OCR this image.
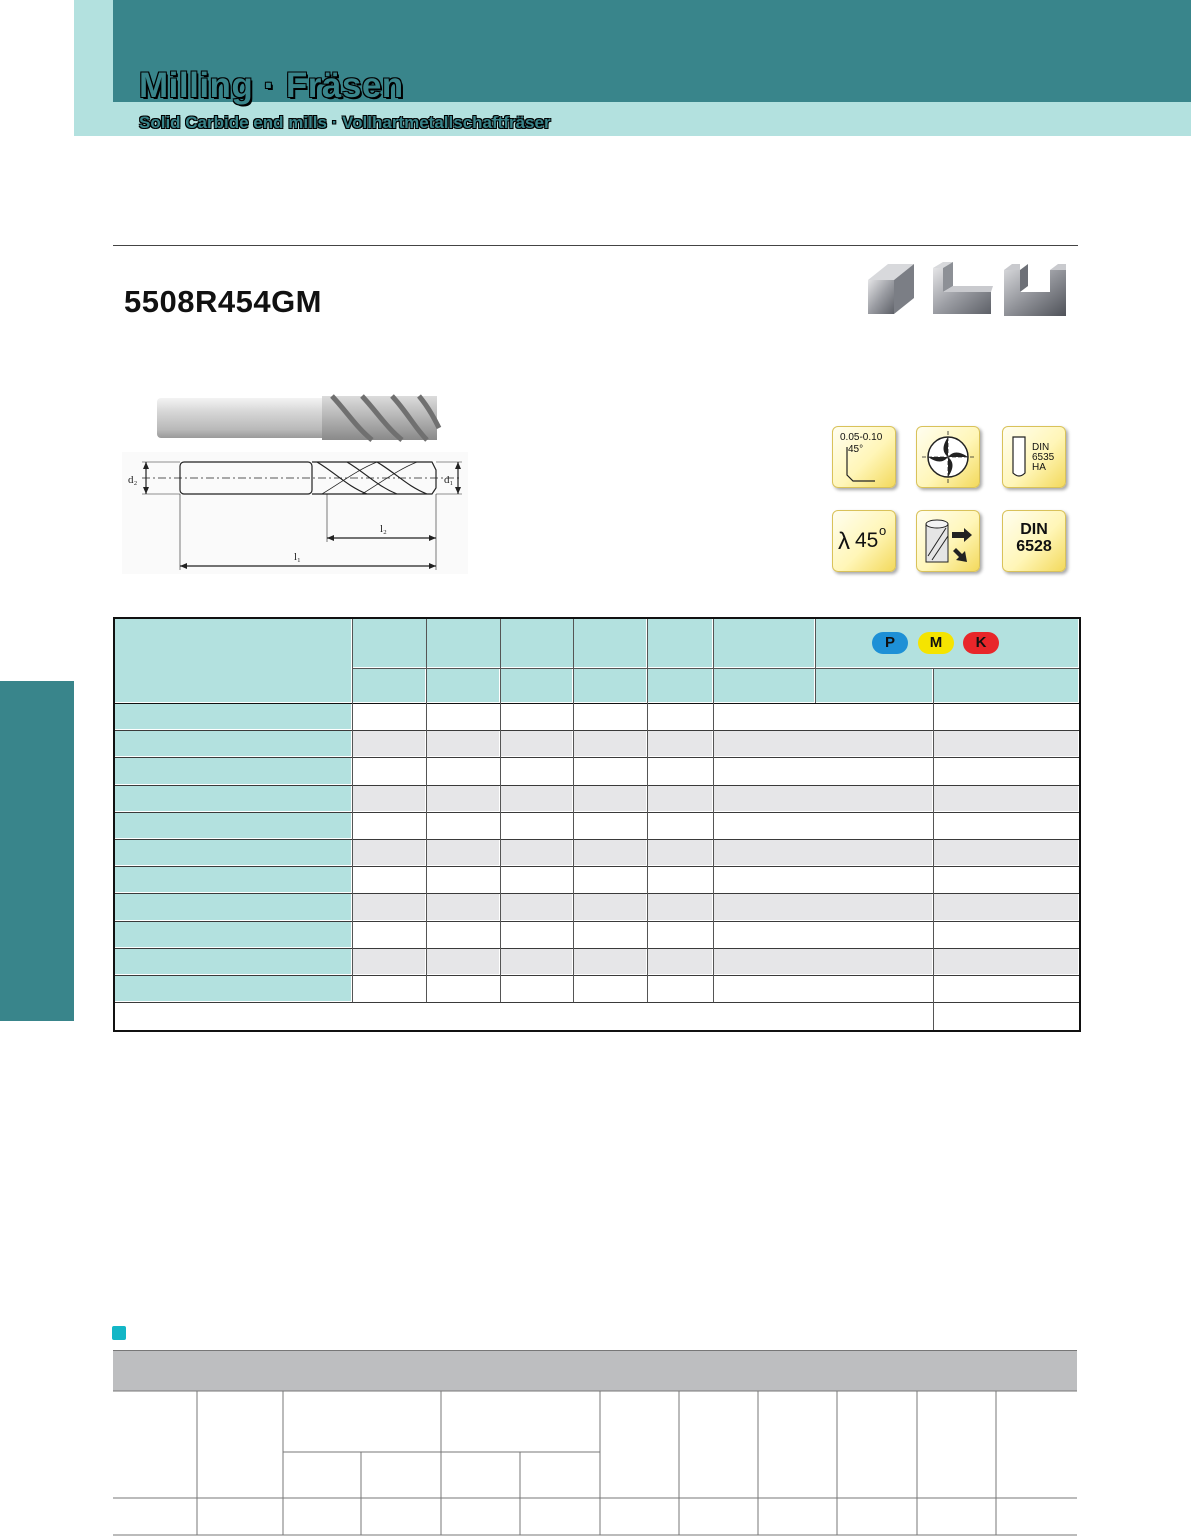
Milling · Fräsen
Solid Carbide end mills · Vollhartmetallschaftfräser
5508R454GM
d₂	d₁
l₂
l₁
0.05-0.10
45°	DIN
6535
HA
λ 45 o	DIN
6528
P	M	K
